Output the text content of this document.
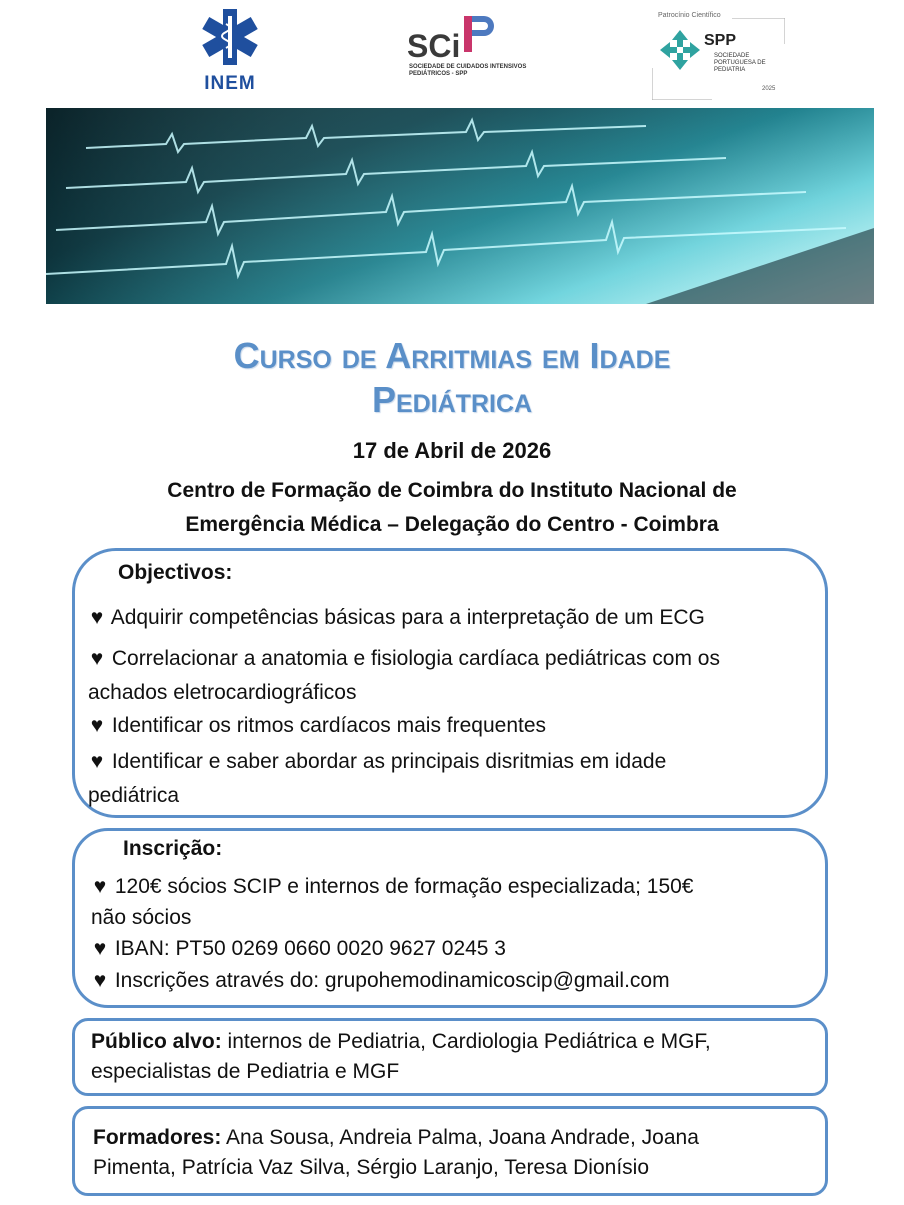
INEM
SCi
SOCIEDADE DE CUIDADOS INTENSIVOS PEDIÁTRICOS - SPP
Patrocínio Científico
SPP
SOCIEDADE PORTUGUESA DE PEDIATRIA
2025
Curso de Arritmias em Idade
Pediátrica
17 de Abril de 2026
Centro de Formação de Coimbra do Instituto Nacional de
Emergência Médica – Delegação do Centro - Coimbra
Objectivos:
♥ Adquirir competências básicas para a interpretação de um ECG
♥ Correlacionar a anatomia e fisiologia cardíaca pediátricas com os
achados eletrocardiográficos
♥ Identificar os ritmos cardíacos mais frequentes
♥ Identificar e saber abordar as principais disritmias em idade
pediátrica
Inscrição:
♥ 120€ sócios SCIP e internos de formação especializada; 150€
não sócios
♥ IBAN: PT50 0269 0660 0020 9627 0245 3
♥ Inscrições através do: grupohemodinamicoscip@gmail.com
Público alvo: internos de Pediatria, Cardiologia Pediátrica e MGF,
especialistas de Pediatria e MGF
Formadores: Ana Sousa, Andreia Palma, Joana Andrade, Joana
Pimenta, Patrícia Vaz Silva, Sérgio Laranjo, Teresa Dionísio
